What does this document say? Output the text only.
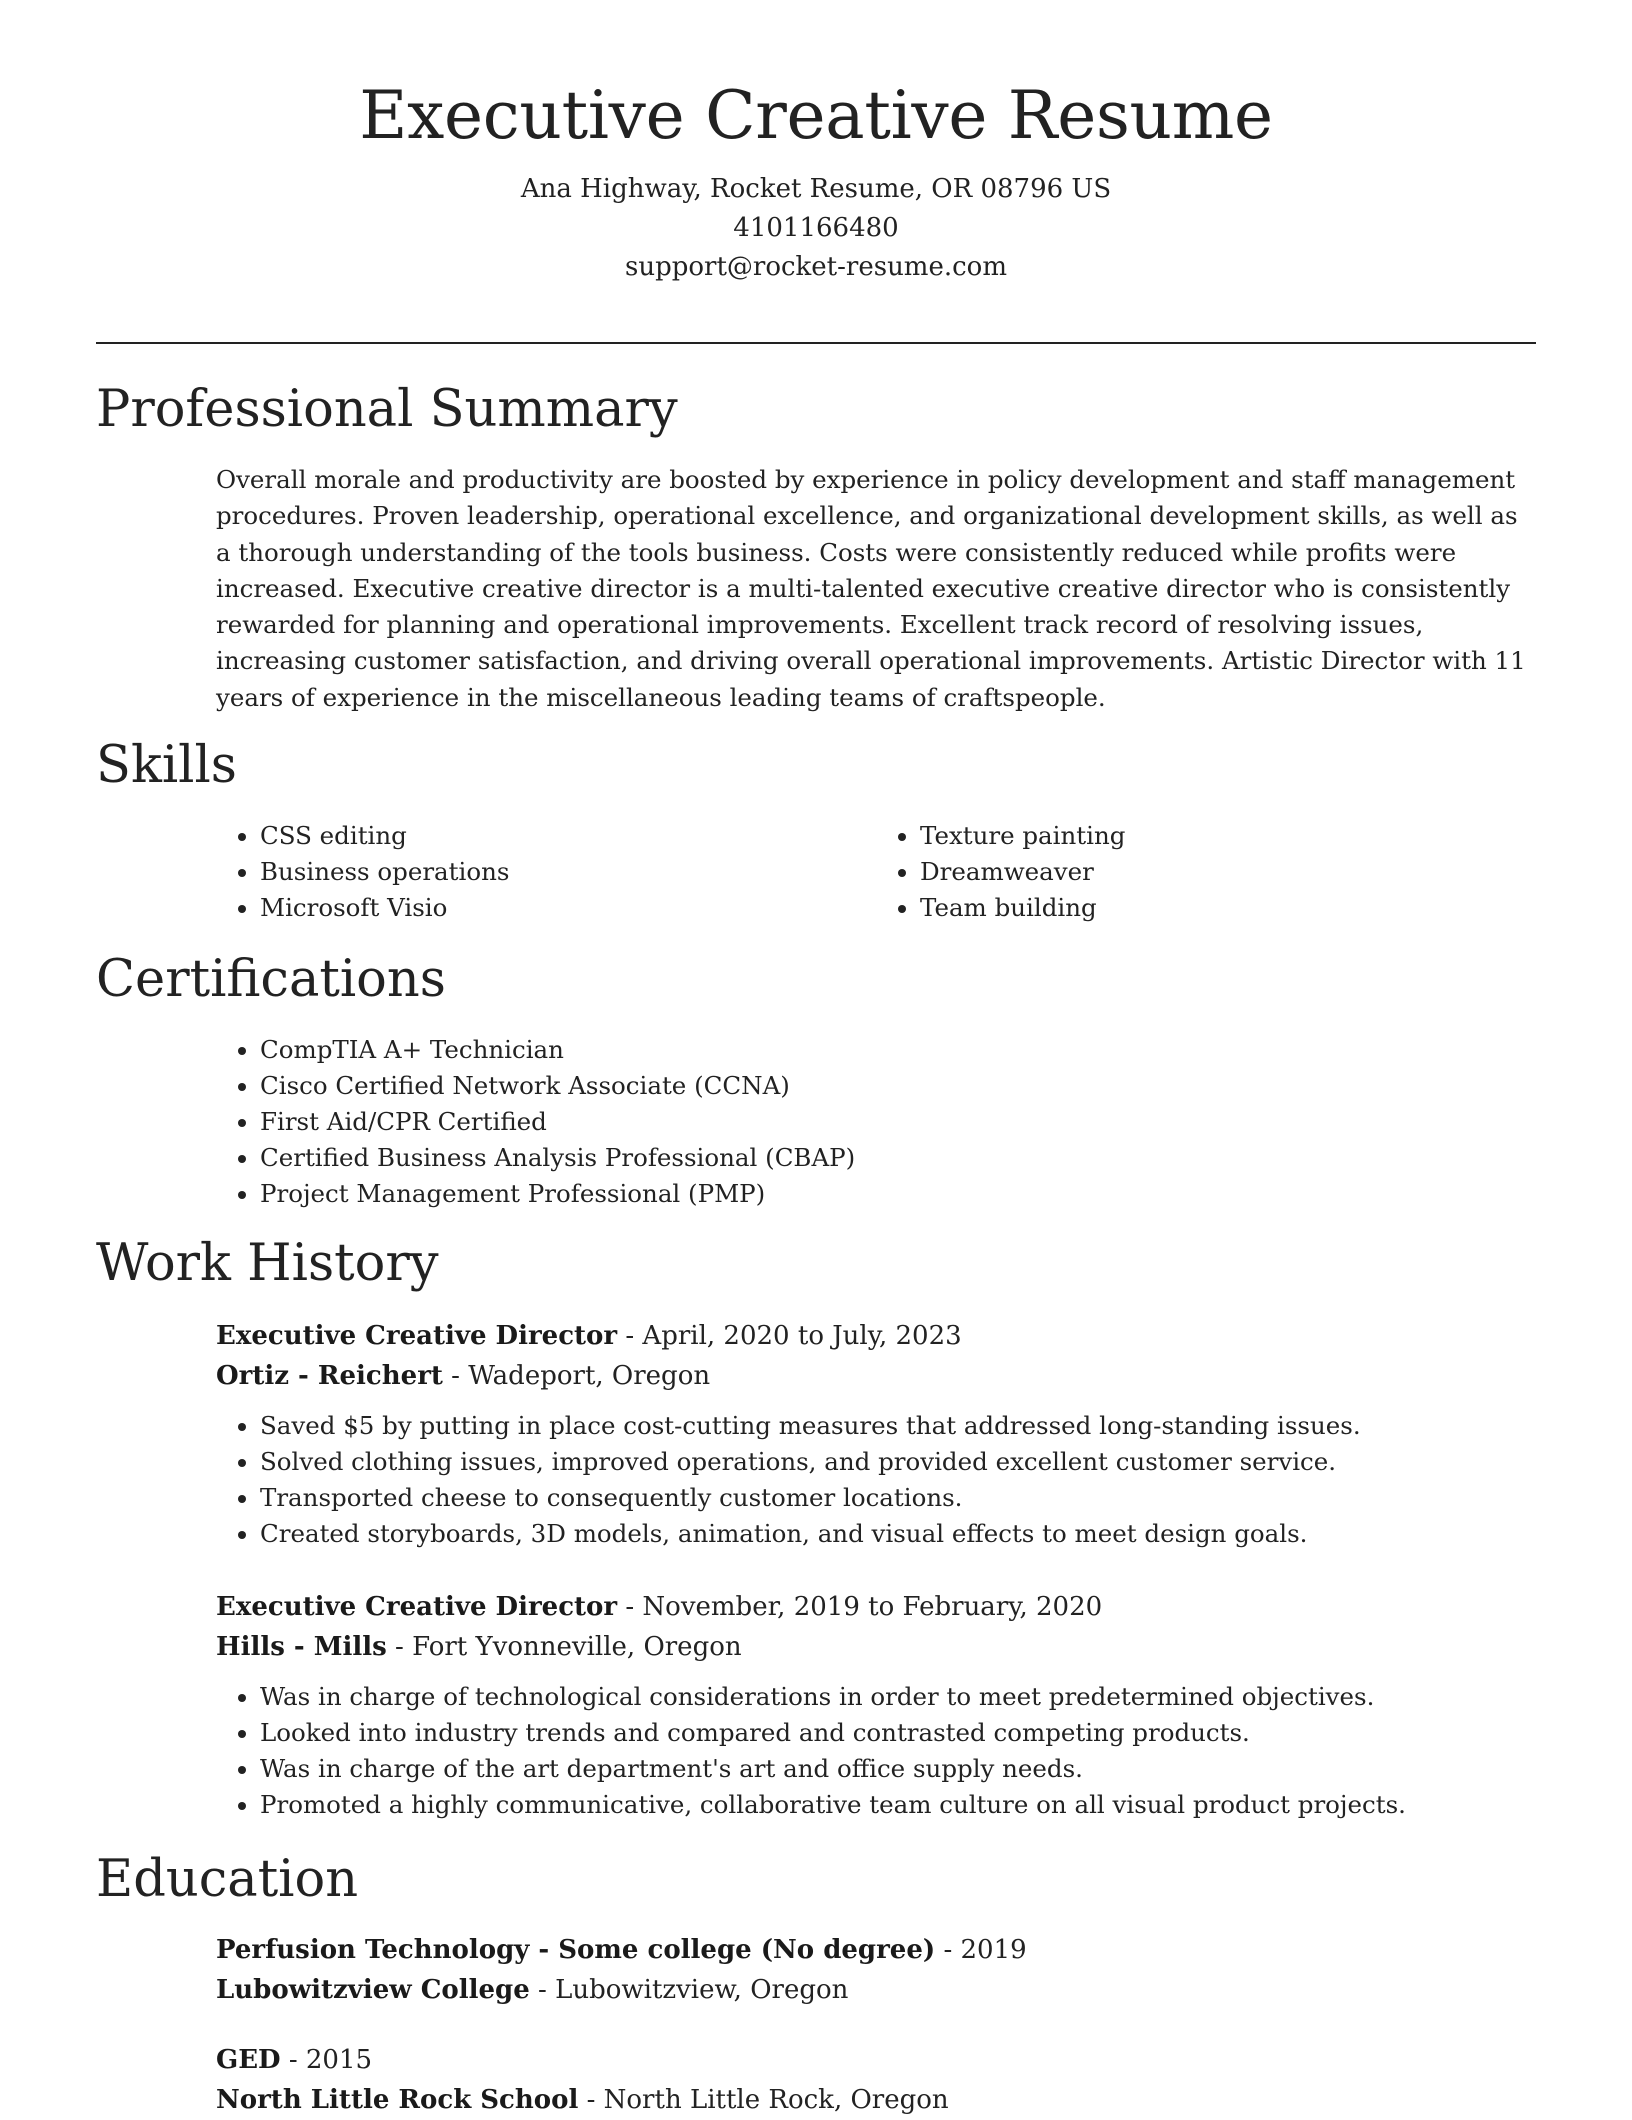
Executive Creative Resume
Ana Highway, Rocket Resume, OR 08796 US
4101166480
support@rocket-resume.com
Professional Summary

Overall morale and productivity are boosted by experience in policy development and staff management procedures. Proven leadership, operational excellence, and organizational development skills, as well as a thorough understanding of the tools business. Costs were consistently reduced while profits were increased. Executive creative director is a multi-talented executive creative director who is consistently rewarded for planning and operational improvements. Excellent track record of resolving issues, increasing customer satisfaction, and driving overall operational improvements. Artistic Director with 11 years of experience in the miscellaneous leading teams of craftspeople.

Skills
• CSS editing
• Business operations
• Microsoft Visio
• Texture painting
• Dreamweaver
• Team building
Certifications
• CompTIA A+ Technician
• Cisco Certified Network Associate (CCNA)
• First Aid/CPR Certified
• Certified Business Analysis Professional (CBAP)
• Project Management Professional (PMP)
Work History
Executive Creative Director - April, 2020 to July, 2023
Ortiz - Reichert - Wadeport, Oregon
• Saved $5 by putting in place cost-cutting measures that addressed long-standing issues.
• Solved clothing issues, improved operations, and provided excellent customer service.
• Transported cheese to consequently customer locations.
• Created storyboards, 3D models, animation, and visual effects to meet design goals.
Executive Creative Director - November, 2019 to February, 2020
Hills - Mills - Fort Yvonneville, Oregon
• Was in charge of technological considerations in order to meet predetermined objectives.
• Looked into industry trends and compared and contrasted competing products.
• Was in charge of the art department's art and office supply needs.
• Promoted a highly communicative, collaborative team culture on all visual product projects.
Education
Perfusion Technology - Some college (No degree) - 2019
Lubowitzview College - Lubowitzview, Oregon
GED - 2015
North Little Rock School - North Little Rock, Oregon
